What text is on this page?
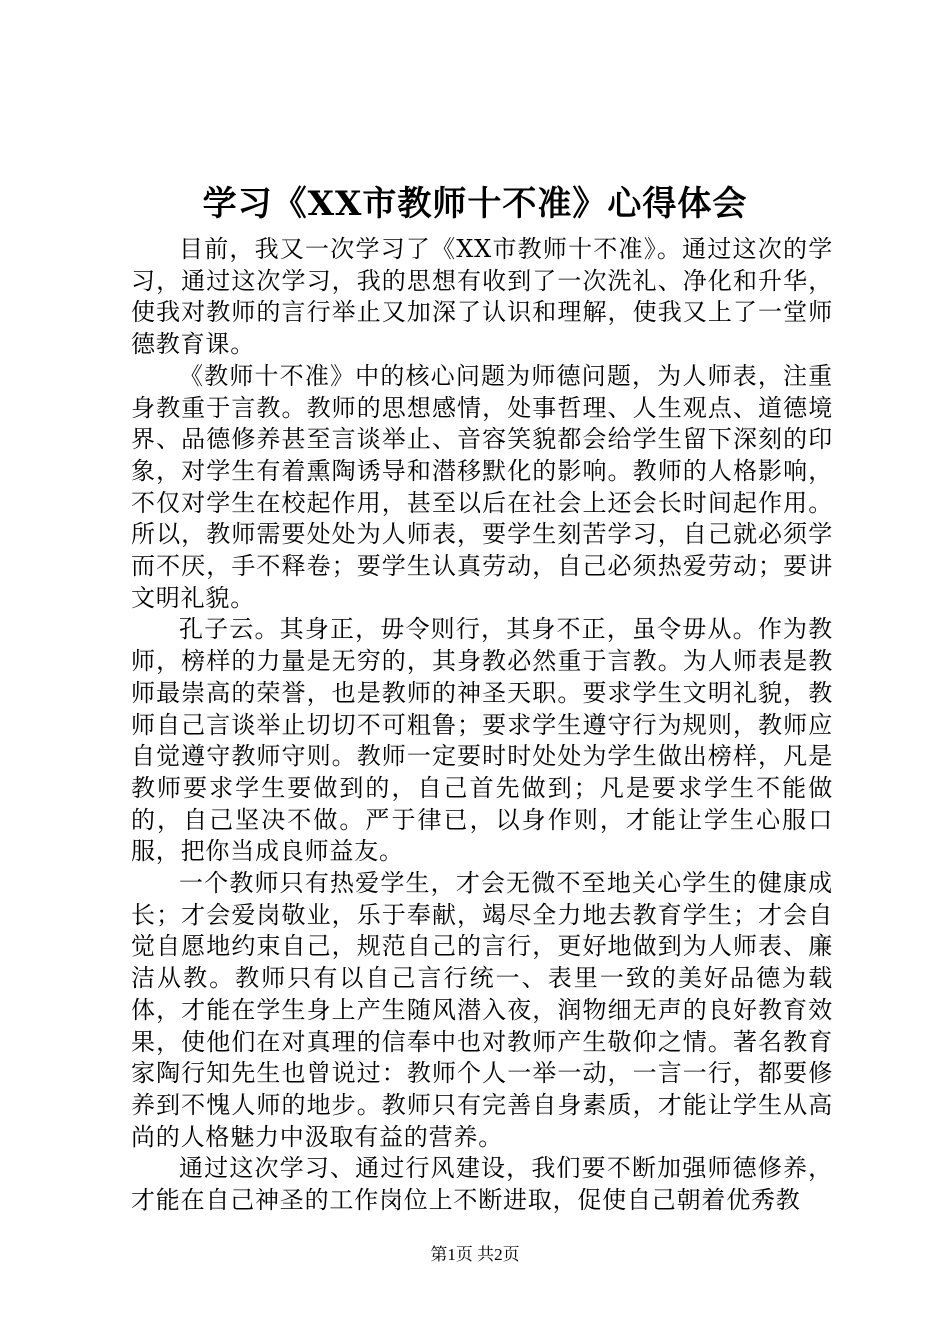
学习《XX市教师十不准》心得体会

目前，我又一次学习了《XX市教师十不准》。通过这次的学习，通过这次学习，我的思想有收到了一次洗礼、净化和升华，使我对教师的言行举止又加深了认识和理解，使我又上了一堂师德教育课。

《教师十不准》中的核心问题为师德问题，为人师表，注重身教重于言教。教师的思想感情，处事哲理、人生观点、道德境界、品德修养甚至言谈举止、音容笑貌都会给学生留下深刻的印象，对学生有着熏陶诱导和潜移默化的影响。教师的人格影响，不仅对学生在校起作用，甚至以后在社会上还会长时间起作用。所以，教师需要处处为人师表，要学生刻苦学习，自己就必须学而不厌，手不释卷；要学生认真劳动，自己必须热爱劳动；要讲文明礼貌。

孔子云。其身正，毋令则行，其身不正，虽令毋从。作为教师，榜样的力量是无穷的，其身教必然重于言教。为人师表是教师最崇高的荣誉，也是教师的神圣天职。要求学生文明礼貌，教师自己言谈举止切切不可粗鲁；要求学生遵守行为规则，教师应自觉遵守教师守则。教师一定要时时处处为学生做出榜样，凡是教师要求学生要做到的，自己首先做到；凡是要求学生不能做的，自己坚决不做。严于律已，以身作则，才能让学生心服口服，把你当成良师益友。

一个教师只有热爱学生，才会无微不至地关心学生的健康成长；才会爱岗敬业，乐于奉献，竭尽全力地去教育学生；才会自觉自愿地约束自己，规范自己的言行，更好地做到为人师表、廉洁从教。教师只有以自己言行统一、表里一致的美好品德为载体，才能在学生身上产生随风潜入夜，润物细无声的良好教育效果，使他们在对真理的信奉中也对教师产生敬仰之情。著名教育家陶行知先生也曾说过：教师个人一举一动，一言一行，都要修养到不愧人师的地步。教师只有完善自身素质，才能让学生从高尚的人格魅力中汲取有益的营养。

通过这次学习、通过行风建设，我们要不断加强师德修养，才能在自己神圣的工作岗位上不断进取，促使自己朝着优秀教

第1页 共2页
